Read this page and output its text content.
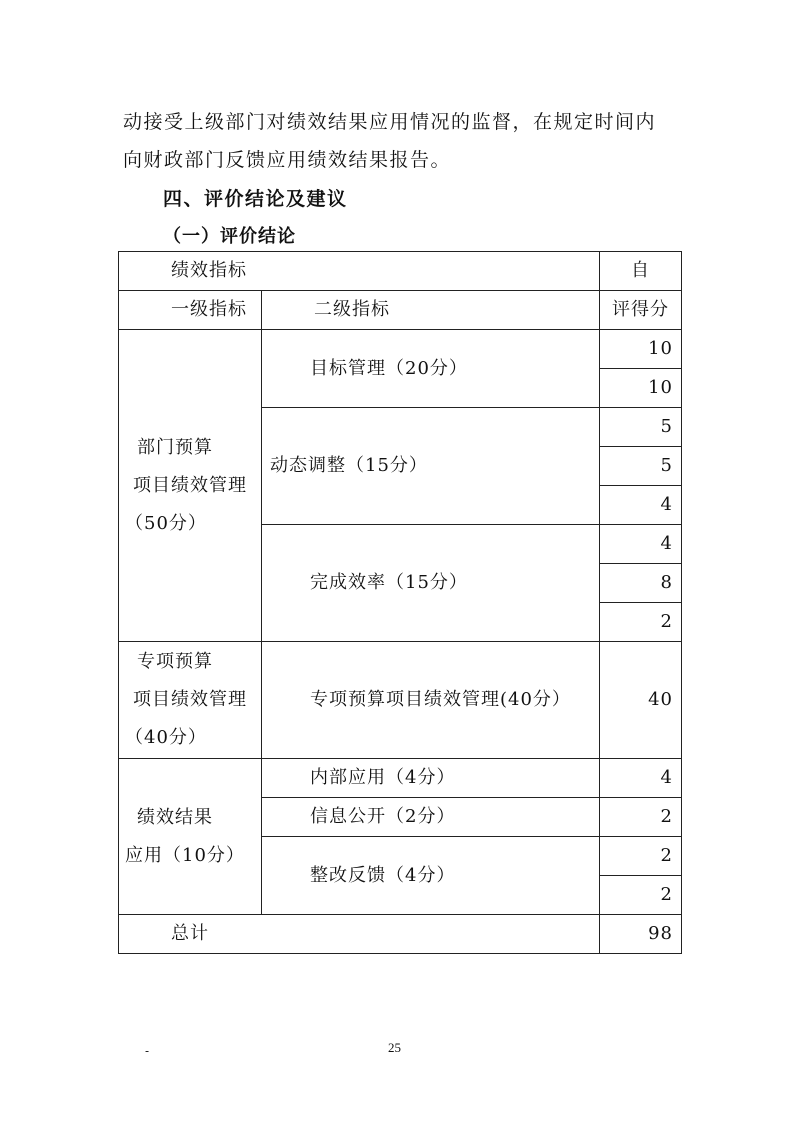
动接受上级部门对绩效结果应用情况的监督，在规定时间内
向财政部门反馈应用绩效结果报告。
四、评价结论及建议
（一）评价结论
绩效指标		自
一级指标	二级指标	评得分

部门预算
项目绩效管理
（50分）	目标管理（20分）	10
		10
	动态调整（15分）	5
		5
		4
	完成效率（15分）	4
		8
		2

专项预算
项目绩效管理
（40分）	专项预算项目绩效管理(40分）	40

绩效结果
应用（10分）	内部应用（4分）	4
	信息公开（2分）	2
	整改反馈（4分）	2
		2
总计		98
-	25
